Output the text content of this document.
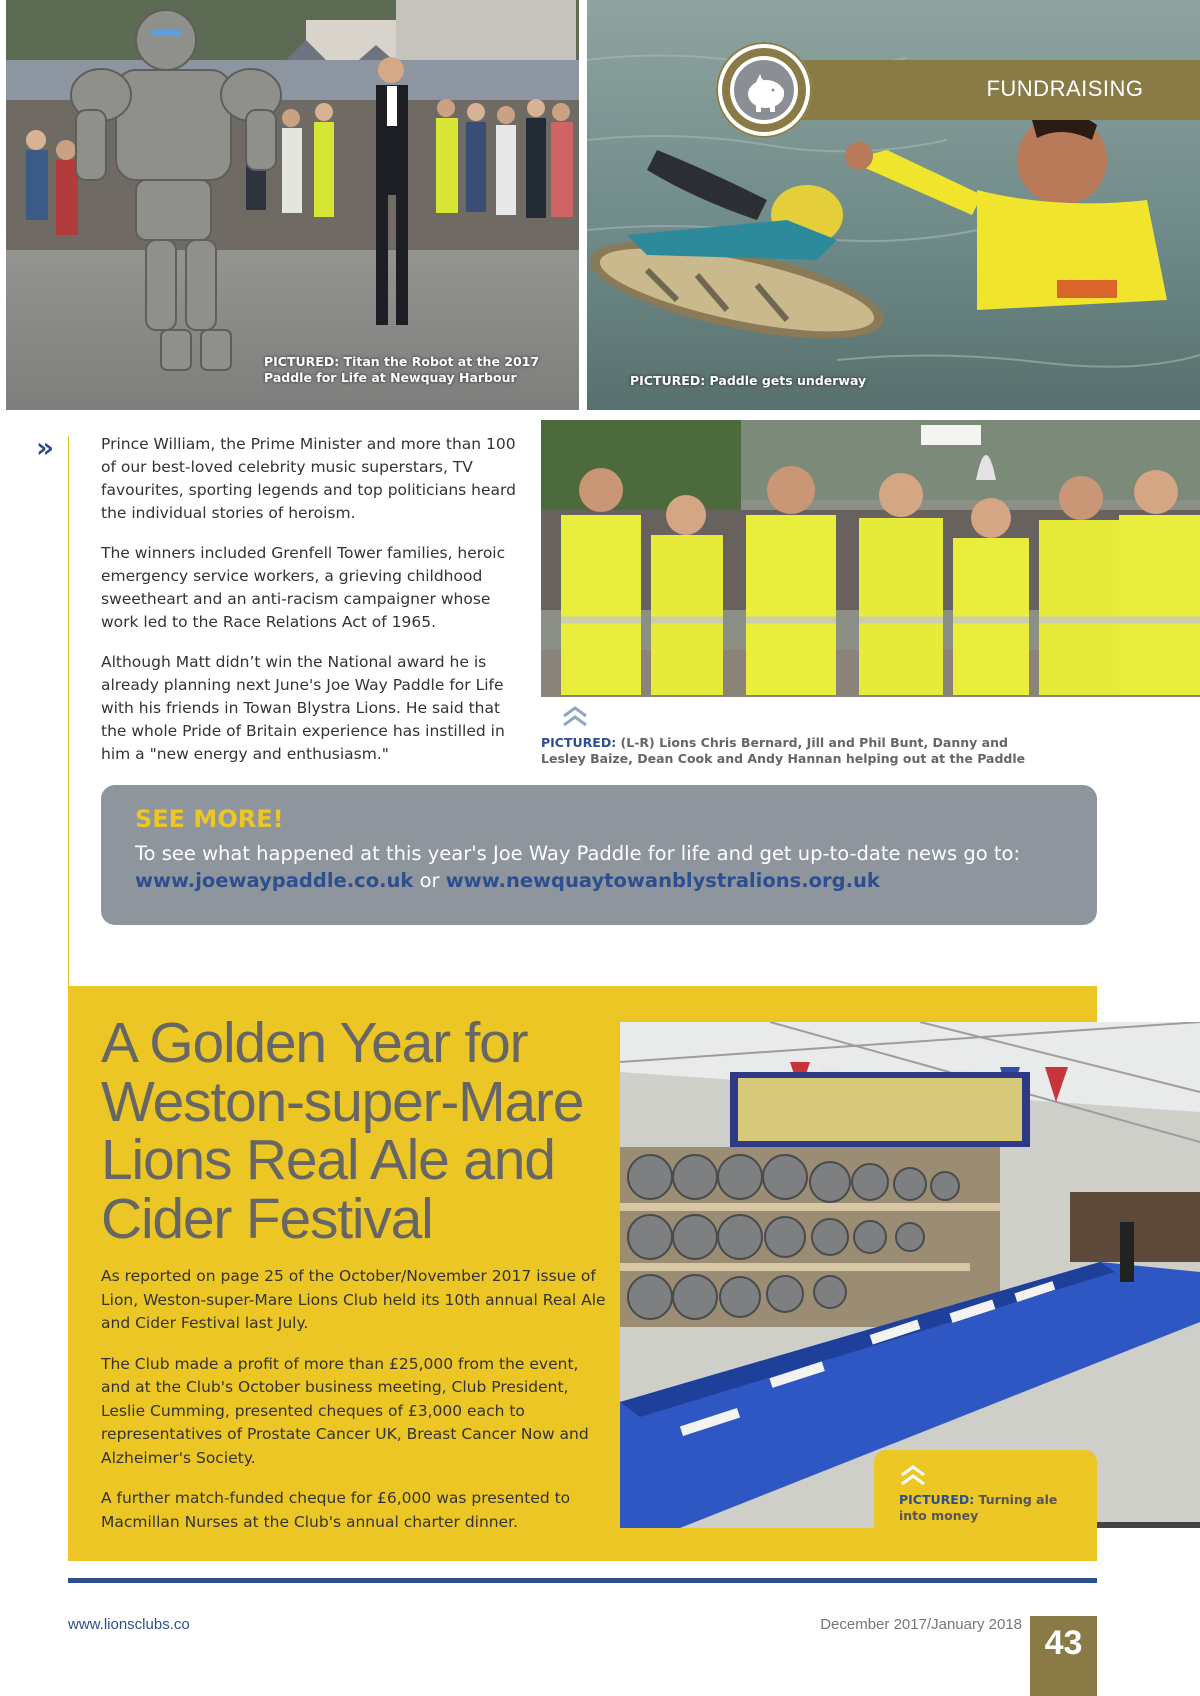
PICTURED: Titan the Robot at the 2017
Paddle for Life at Newquay Harbour
FUNDRAISING
PICTURED: Paddle gets underway
»	Prince William, the Prime Minister and more than 100 of our best-loved celebrity music superstars, TV favourites, sporting legends and top politicians heard the individual stories of heroism.

The winners included Grenfell Tower families, heroic emergency service workers, a grieving childhood sweetheart and an anti-racism campaigner whose work led to the Race Relations Act of 1965.

Although Matt didn’t win the National award he is already planning next June's Joe Way Paddle for Life with his friends in Towan Blystra Lions. He said that the whole Pride of Britain experience has instilled in him a "new energy and enthusiasm."

PICTURED: (L-R) Lions Chris Bernard, Jill and Phil Bunt, Danny and
Lesley Baize, Dean Cook and Andy Hannan helping out at the Paddle
SEE MORE!
To see what happened at this year's Joe Way Paddle for life and get up-to-date news go to:
www.joewaypaddle.co.uk or www.newquaytowanblystralions.org.uk
A Golden Year for
Weston-super-Mare
Lions Real Ale and
Cider Festival

As reported on page 25 of the October/November 2017 issue of Lion, Weston-super-Mare Lions Club held its 10th annual Real Ale and Cider Festival last July.

The Club made a profit of more than £25,000 from the event, and at the Club's October business meeting, Club President, Leslie Cumming, presented cheques of £3,000 each to representatives of Prostate Cancer UK, Breast Cancer Now and Alzheimer's Society.

A further match-funded cheque for £6,000 was presented to Macmillan Nurses at the Club's annual charter dinner.

PICTURED: Turning ale
into money
www.lionsclubs.co	December 2017/January 2018 43
